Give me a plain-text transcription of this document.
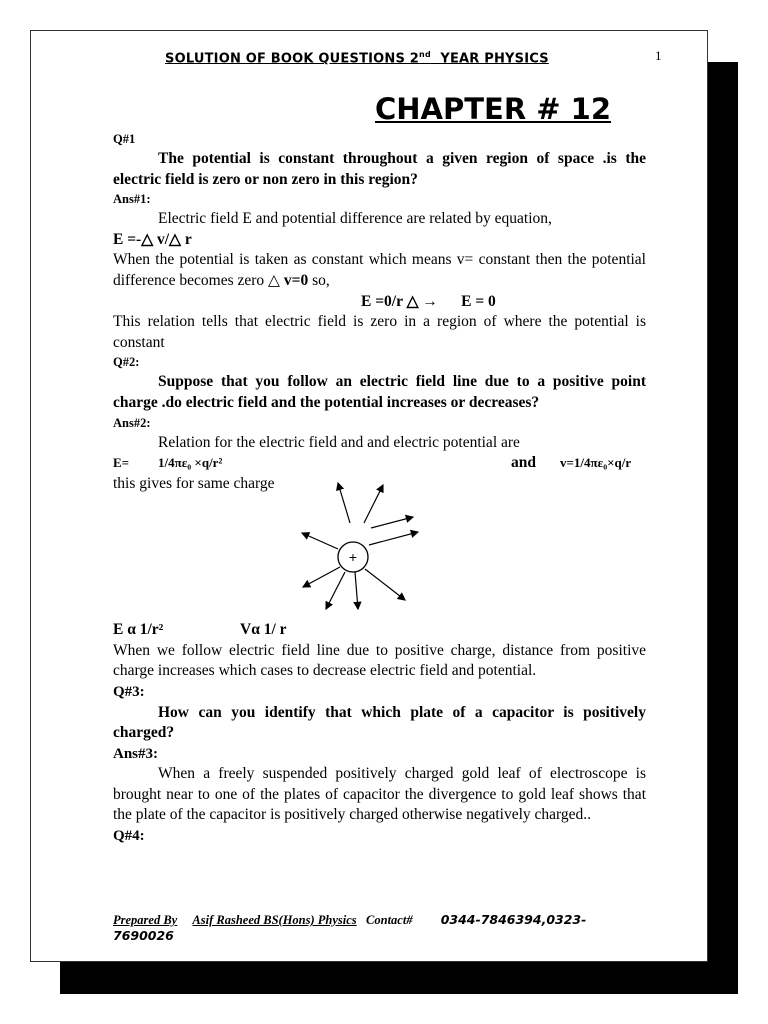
SOLUTION OF BOOK QUESTIONS 2nd  YEAR PHYSICS	1
CHAPTER # 12

Q#1

The potential is constant throughout a given region of space .is the electric field is zero or non zero in this region?

Ans#1:

Electric field E and potential difference are related by equation,

E =-△ v/△ r

When the potential is taken as constant which means v= constant then the potential difference becomes zero △ v=0 so,

E =0/r △ →      E = 0

This relation tells that electric field is zero in a region of where the potential is constant

Q#2:

Suppose that you follow an electric field line due to a positive point charge .do electric field and the potential increases or decreases?

Ans#2:

Relation for the electric field and and electric potential are

E= 1/4πε₀ ×q/r²	and v=1/4πε₀×q/r

this gives for same charge

+
E α 1/r²	Vα 1/ r

When we follow electric field line due to positive charge, distance from positive charge increases which cases to decrease electric field and potential.

Q#3:

How can you identify that which plate of a capacitor is positively charged?

Ans#3:

When a freely suspended positively charged gold leaf of electroscope is brought near to one of the plates of capacitor the divergence to gold leaf shows that the plate of the capacitor is positively charged otherwise negatively charged..

Q#4:

Prepared By Asif Rasheed BS(Hons) Physics Contact# 0344-7846394,0323-7690026
